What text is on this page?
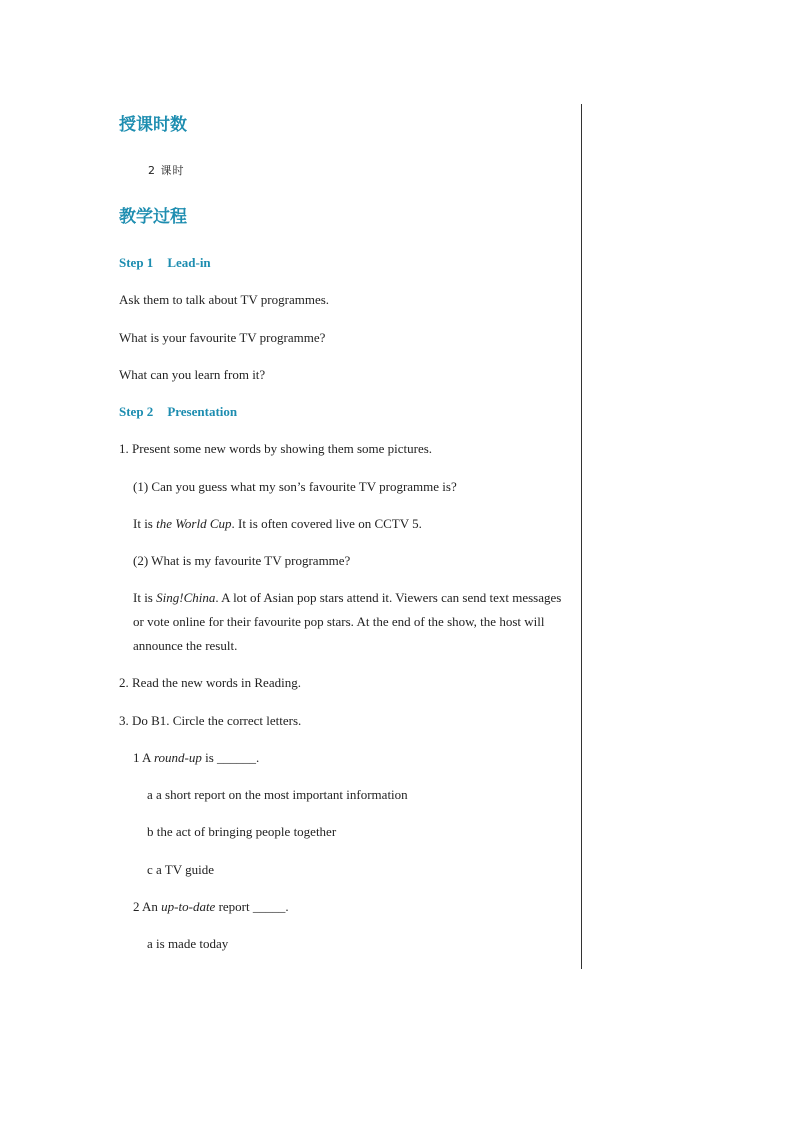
授课时数
2 课时
教学过程
Step 1 Lead-in
Ask them to talk about TV programmes.
What is your favourite TV programme?
What can you learn from it?
Step 2 Presentation
1. Present some new words by showing them some pictures.
(1) Can you guess what my son’s favourite TV programme is?
It is the World Cup. It is often covered live on CCTV 5.
(2) What is my favourite TV programme?
It is Sing!China. A lot of Asian pop stars attend it. Viewers can send text messages or vote online for their favourite pop stars. At the end of the show, the host will announce the result.
2. Read the new words in Reading.
3. Do B1. Circle the correct letters.
1 A round-up is ______.
a a short report on the most important information
b the act of bringing people together
c a TV guide
2 An up-to-date report _____.
a is made today
